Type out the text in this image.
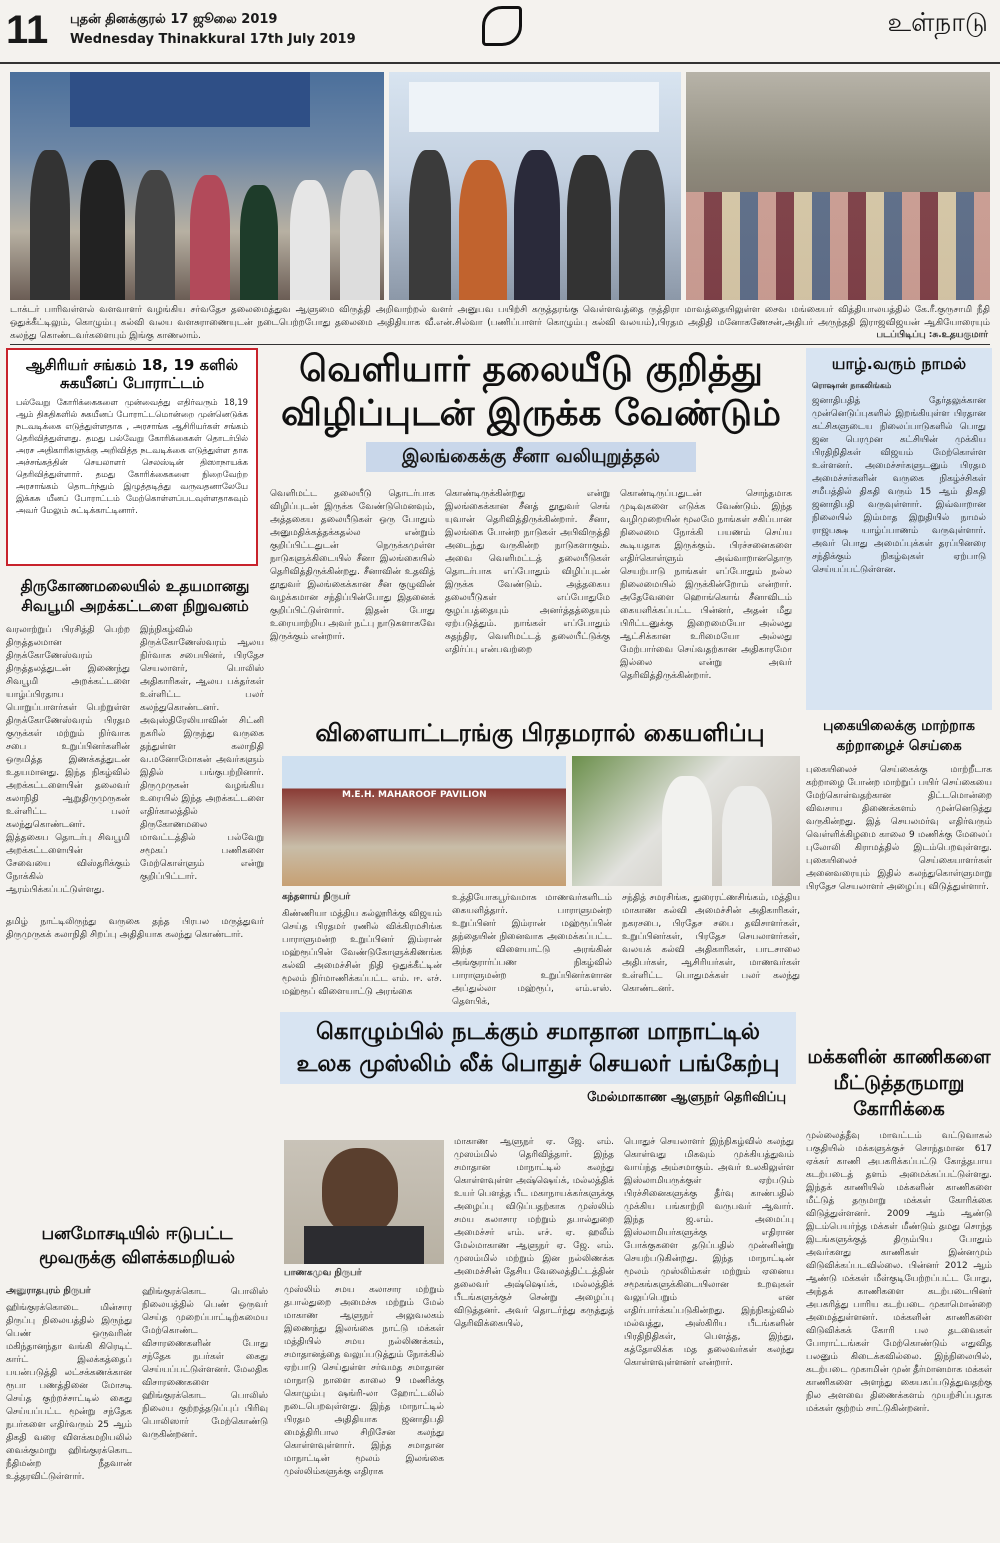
11 புதன் தினக்குரல் 17 ஜூலை 2019
Wednesday Thinakkural 17th July 2019
உள்நாடு
டாக்டர் பாரிவள்ளல் வளவாளர் வழங்கிய சர்வதேச தலைமைத்துவ ஆளுமை விருத்தி அறிவாற்றல் வளர் அனுபவ பயிற்சி கருத்தரங்கு வெள்ளவத்தை ருத்திரா மாவத்தையிலுள்ள சைவ மங்கையர் வித்தியாலயத்தில் கே.ரீ.குருசாமி நீதி ஒதுக்கீட்டிலும், கொழும்பு கல்வி வலய வளசுராணையுடன் நடைபெற்றபோது தலைமை அதிதியாக வீ.என்.சில்வா (பணிப்பாளர் கொழும்பு கல்வி வலயம்),பிரதம அதிதி மனோகணேசன்,அதிபர் அருந்ததி இராஜவிஜயன் ஆகியோரையும் கலந்து கொண்டவர்களையும் இங்கு காணலாம்.	படப்பிடிப்பு :சு.உதயகுமார்
ஆசிரியர் சங்கம் 18, 19 களில் சுகயீனப் போராட்டம்
பல்வேறு கோரிக்கைகளை முன்வைத்து எதிர்வரும் 18,19 ஆம் திகதிகளில் சுகயீனப் போராட்டமொன்றை முன்னெடுக்க நடவடிக்கை எடுத்துள்ளதாக , அரசாங்க ஆசிரியர்கள் சங்கம் தெரிவித்துள்ளது. தமது பல்வேறு கோரிக்கைகள் தொடர்பில் அரச அதிகாரிகளுக்கு அறிவித்த நடவடிக்கை எடுத்துள்ள தாக அச்சங்கத்தின் செயலாளர் செலஸ்டின் திஸாநாயக்க தெரிவித்துள்ளார். தமது கோரிக்கைகளை நிறைவேற்ற அரசாங்கம் தொடர்ந்தும் இழுத்தடித்து வருவதனாலேயே இக்கசு யீனப் போராட்டம் மேற்கொள்ளப்படவுள்ளதாகவும் அவர் மேலும் சுட்டிக்காட்டினார்.
வெளியார் தலையீடு குறித்து
விழிப்புடன் இருக்க வேண்டும்
இலங்கைக்கு சீனா வலியுறுத்தல்
வெளிமட்ட தலையீடு தொடர்பாக விழிப்புடன் இருக்க வேண்டுமெனவும், அத்தகைய தலையீடுகள் ஒரு போதும் அனுமதிக்கத்தக்கதல்ல என்றும் குறிப்பிட்டதுடன் நெருக்கமுள்ள நாடுகளுக்கிடையில் சீனா இலங்கையில் தெரிவித்திருக்கின்றது. சீனாவின் உதவித் தூதுவர் இலங்கைக்கான சீன குழுவின் வழக்கமான சந்திப்பின்போது இதனைக் குறிப்பிட்டுள்ளார். இதன் போது உரையாற்றிய அவர் நட்பு நாடுகளாகவே இருக்கும் என்றார்.
கொண்டிருக்கின்றது என்று இலங்கைக்கான சீனத் தூதுவர் செங் யுவான் தெரிவித்திருக்கின்றார். சீனா, இலங்கை போன்ற நாடுகள் அபிவிருத்தி அடைந்து வருகின்ற நாடுகளாகும். அவை வெளிமட்டத் தலையீடுகள் தொடர்பாக எப்போதும் விழிப்புடன் இருக்க வேண்டும். அத்தகைய தலையீடுகள் எப்போதுமே குழப்பத்தையும் அனர்த்தத்தையும் ஏற்படுத்தும். நாங்கள் எப்போதும் சுதந்திர, வெளிமட்டத் தலையீட்டுக்கு எதிர்ப்பு என்பவற்றை
கொண்டிருப்பதுடன் சொந்தமாக முடிவுகளை எடுக்க வேண்டும். இந்த வழிமுறையின் மூலமே நாங்கள் சகிப்பான நிலைமை நோக்கி பயணம் செய்ய கூடியதாக இருக்கும். பிரச்சனைகளை எதிர்கொள்ளும் அவ்வாறானதொரு செயற்பாடு நாங்கள் எப்போதும் நல்ல நிலைமையில் இருக்கின்றோம் என்றார். அதேவேளை ஹொங்கொங் சீனாவிடம் கையளிக்கப்பட்ட பின்னர், அதன் மீது பிரிட்டனுக்கு இறைமையோ அல்லது ஆட்சிக்கான உரிமையோ அல்லது மேற்பார்வை செய்வதற்கான அதிகாரமோ இல்லை என்று அவர் தெரிவித்திருக்கின்றார்.
யாழ்.வரும் நாமல்
ரொஷான் நாகலிங்கம்
ஜனாதிபதித் தேர்தலுக்கான முன்னெடுப்புகளில் இறங்கியுள்ள பிரதான கட்சிகளுடைய நிலைப்பாடுகளில் பொது ஜன பெரமுன கட்சியின் முக்கிய பிரதிநிதிகள் விஜயம் மேற்கொள்ள உள்ளனர். அமைச்சர்களுடனும் பிரதம அமைச்சர்களின் வருகை நிகழ்ச்சிகள் சமீபத்தில் திகதி வரும் 15 ஆம் திகதி ஜனாதிபதி வருவுள்ளார். இவ்வாறான நிலையில் இம்மாத இறுதியில் நாமல் ராஜபக்ஷ யாழ்ப்பாணம் வருவுள்ளார். அவர் பொது அமைப்புக்கள் தரப்பினரை சந்திக்கும் நிகழ்வுகள் ஏற்பாடு செய்யப்பட்டுள்ளன.
திருகோணமலையில் உதயமானது சிவபூமி அறக்கட்டளை நிறுவனம்
வரலாற்றுப் பிரசித்தி பெற்ற திருத்தலமான திருக்கோணேஸ்வரம் திருத்தலத்துடன் இணைந்து சிவபூமி அறக்கட்டளை யாழ்ப்பிரதாய பொறுப்பாளர்கள் பெற்றுள்ள திருக்கோணேஸ்வரம் பிரதம குருக்கள் மற்றும் நிர்வாக சபை உறுப்பினர்களின் ஒருமித்த இணக்கத்துடன் உதயமானது. இந்த நிகழ்வில் அறக்கட்டளையின் தலைவர் கலாநிதி ஆறுதிருமுருகன் உள்ளிட்ட பலர் கலந்துகொண்டனர். இத்தகைய தொடர்பு சிவபூமி அறக்கட்டளையின் சேவையை விஸ்தரிக்கும் நோக்கில் ஆரம்பிக்கப்பட்டுள்ளது.
இந்நிகழ்வில் திருக்கோணேஸ்வரம் ஆலய நிர்வாக சபையினர், பிரதேச செயலாளர், பொலிஸ் அதிகாரிகள், ஆலய பக்தர்கள் உள்ளிட்ட பலர் கலந்துகொண்டனர். அவுஸ்திரேலியாவின் சிட்னி நகரில் இருந்து வருகை தந்துள்ள கலாநிதி வ.மனோமோகன் அவர்களும் இதில் பங்குபற்றினார். திருமுருகன் வழங்கிய உரையில் இந்த அறக்கட்டளை எதிர்காலத்தில் திருகோணமலை மாவட்டத்தில் பல்வேறு சமூகப் பணிகளை மேற்கொள்ளும் என்று குறிப்பிட்டார்.
தமிழ் நாட்டிலிருந்து வருகை தந்த பிரபல மருத்துவர் திருமுருகக் கலாநிதி சிறப்பு அதிதியாக கலந்து கொண்டார்.
விளையாட்டரங்கு பிரதமரால் கையளிப்பு
M.E.H. MAHAROOF PAVILION
கந்தளாய் நிருபர்
கிண்ணியா மத்திய கல்லூரிக்கு விஜயம் செய்த பிரதமர் ரணில் விக்கிரமசிங்க பாராளுமன்ற உறுப்பினர் இம்ரான் மஹ்ரூப்பின் வேண்டுகோளுக்கிணங்க கல்வி அமைச்சின் நிதி ஒதுக்கீட்டின் மூலம் நிர்மாணிக்கப்பட்ட எம். ஈ. எச். மஹ்ரூப் விளையாட்டு அரங்கை
உத்தியோகபூர்வமாக மாணவர்களிடம் கையளித்தார். பாராளுமன்ற உறுப்பினர் இம்ரான் மஹ்ரூப்பின் தந்தையின் நினைவாக அமைக்கப்பட்ட இந்த விளையாட்டு அரங்கின் அங்குரார்ப்பண நிகழ்வில் பாராளுமன்ற உறுப்பினர்களான அப்துல்லா மஹ்ரூப், எம்.எஸ். தௌபிக்,
சந்தித் சமரசிங்க, துரைரட்ணசிங்கம், மத்திய மாகாண கல்வி அமைச்சின் அதிகாரிகள், நகரசபை, பிரதேச சபை தவிசாளர்கள், உறுப்பினர்கள், பிரதேச செயலாளர்கள், வலயக் கல்வி அதிகாரிகள், பாடசாலை அதிபர்கள், ஆசிரியர்கள், மாணவர்கள் உள்ளிட்ட பொதுமக்கள் பலர் கலந்து கொண்டனர்.
புகையிலைக்கு மாற்றாக கற்றாழைச் செய்கை
புகையிலைச் செய்கைக்கு மாற்றீடாக கற்றாழை போன்ற மாற்றுப் பயிர் செய்கையை மேற்கொள்வதற்கான திட்டமொன்றை விவசாய திணைக்களம் முன்னெடுத்து வருகின்றது. இத் செயலமர்வு எதிர்வரும் வெள்ளிக்கிழமை காலை 9 மணிக்கு மேலைப் புலோலி கிராமத்தில் இடம்பெறவுள்ளது. புகையிலைச் செய்கையாளர்கள் அனைவரையும் இதில் கலந்துகொள்ளுமாறு பிரதேச செயலாளர் அழைப்பு விடுத்துள்ளார்.
கொழும்பில் நடக்கும் சமாதான மாநாட்டில்
உலக முஸ்லிம் லீக் பொதுச் செயலர் பங்கேற்பு
மேல்மாகாண ஆளுநர் தெரிவிப்பு
பாணகமுவ நிருபர்
முஸ்லிம் சமய கலாசார மற்றும் தபால்துறை அமைச்சு மற்றும் மேல் மாகாண ஆளுநர் அலுவலகம் இணைந்து இலங்கை நாட்டு மக்கள் மத்தியில் சமய நல்லிணக்கம், சமாதானத்தை வலுப்படுத்தும் நோக்கில் ஏற்பாடு செய்துள்ள சர்வமத சமாதான மாநாடு நாளை காலை 9 மணிக்கு கொழும்பு ஷங்ரி-லா ஹோட்டலில் நடைபெறவுள்ளது. இந்த மாநாட்டில் பிரதம அதிதியாக ஜனாதிபதி மைத்திரிபால சிறிசேன கலந்து கொள்ளவுள்ளார். இந்த சமாதான மாநாட்டின் மூலம் இலங்கை முஸ்லிம்களுக்கு எதிராக
மாகாண ஆளுநர் ஏ. ஜே. எம். முஸம்மில் தெரிவித்தார். இந்த சமாதான மாநாட்டில் கலந்து கொள்ளவுள்ள அஷ்ஷெய்க், மல்லத்திக் உயர் பௌத்த பீட மகாநாயக்கர்களுக்கு அழைப்பு விடுப்பதற்காக முஸ்லிம் சமய கலாசார மற்றும் தபால்துறை அமைச்சர் எம். எச். ஏ. ஹலீம் மேல்மாகாண ஆளுநர் ஏ. ஜே. எம். முஸம்மில் மற்றும் இன நல்லிணக்க அமைச்சின் தேசிய வேலைத்திட்டத்தின் தலைவர் அஷ்ஷெய்க், மல்லத்திக் பீடங்களுக்குச் சென்று அழைப்பு விடுத்தனர். அவர் தொடர்ந்து கருத்துத் தெரிவிக்கையில்,
பொதுச் செயலாளர் இந்நிகழ்வில் கலந்து கொள்வது மிகவும் முக்கியத்துவம் வாய்ந்த அம்சமாகும். அவர் உலகிலுள்ள இஸ்லாமியருக்குள் ஏற்படும் பிரச்சினைகளுக்கு தீர்வு காண்பதில் முக்கிய பங்காற்றி வருபவர் ஆவார். இந்த ஜ.எம். அமைப்பு இஸ்லாமியர்களுக்கு எதிரான போக்குகளை தடுப்பதில் முன்னின்று செயற்படுகின்றது. இந்த மாநாட்டின் மூலம் முஸ்லிம்கள் மற்றும் ஏனைய சமூகங்களுக்கிடையிலான உறவுகள் வலுப்பெறும் என எதிர்பார்க்கப்படுகின்றது. இந்நிகழ்வில் மல்வத்து, அஸ்கிரிய பீடங்களின் பிரதிநிதிகள், பௌத்த, இந்து, கத்தோலிக்க மத தலைவர்கள் கலந்து கொள்ளவுள்ளனர் என்றார்.
மக்களின் காணிகளை மீட்டுத்தருமாறு கோரிக்கை
முல்லைத்தீவு மாவட்டம் வட்டுவாகல் பகுதியில் மக்களுக்குச் சொந்தமான 617 ஏக்கர் காணி அபகரிக்கப்பட்டு கோத்தபாய கடற்படைத் தளம் அமைக்கப்பட்டுள்ளது. இந்தக் காணியில் மக்களின் காணிகளை மீட்டுத் தருமாறு மக்கள் கோரிக்கை விடுத்துள்ளனர். 2009 ஆம் ஆண்டு இடம்பெயர்ந்த மக்கள் மீண்டும் தமது சொந்த இடங்களுக்குத் திரும்பிய போதும் அவர்களது காணிகள் இன்னமும் விடுவிக்கப்படவில்லை. பின்னர் 2012 ஆம் ஆண்டு மக்கள் மீள்குடியேற்றப்பட்ட போது, அந்தக் காணிகளை கடற்படையினர் அபகரித்து பாரிய கடற்படை முகாமொன்றை அமைத்துள்ளனர். மக்களின் காணிகளை விடுவிக்கக் கோரி பல தடவைகள் போராட்டங்கள் மேற்கொண்டும் எதுவித பலனும் கிடைக்கவில்லை. இந்நிலையில், கடற்படை முகாமின் முன் தீர்மானமாக மக்கள் காணிகளை அளந்து கையகப்படுத்துவதற்கு நில அளவை திணைக்களம் முயற்சிப்பதாக மக்கள் குற்றம் சாட்டுகின்றனர்.
பனமோசடியில் ஈடுபட்ட மூவருக்கு விளக்கமறியல்
அனுராதபுரம் நிருபர்
ஹிங்குரக்கொடை மின்சார திருப்பு நிலையத்தில் இருந்து பெண் ஒருவரின் மகிந்தானந்தா வங்கி கிரெடிட் கார்ட் இலக்கத்தைப் பயன்படுத்தி லட்சக்கணக்கான ரூபா பணத்தினை மோசடி செய்த குற்றச்சாட்டில் கைது செய்யப்பட்ட மூன்று சந்தேக நபர்களை எதிர்வரும் 25 ஆம் திகதி வரை விளக்கமறியலில் வைக்குமாறு ஹிங்குரக்கொட நீதிமன்ற நீதவான் உத்தரவிட்டுள்ளார்.
ஹிங்குரக்கொட பொலிஸ் நிலையத்தில் பெண் ஒருவர் செய்த முறைப்பாட்டிற்கமைய மேற்கொண்ட விசாரணைகளின் போது சந்தேக நபர்கள் கைது செய்யப்பட்டுள்ளனர். மேலதிக விசாரணைகளை ஹிங்குரக்கொட பொலிஸ் நிலைய குற்றத்தடுப்புப் பிரிவு பொலிஸார் மேற்கொண்டு வருகின்றனர்.
